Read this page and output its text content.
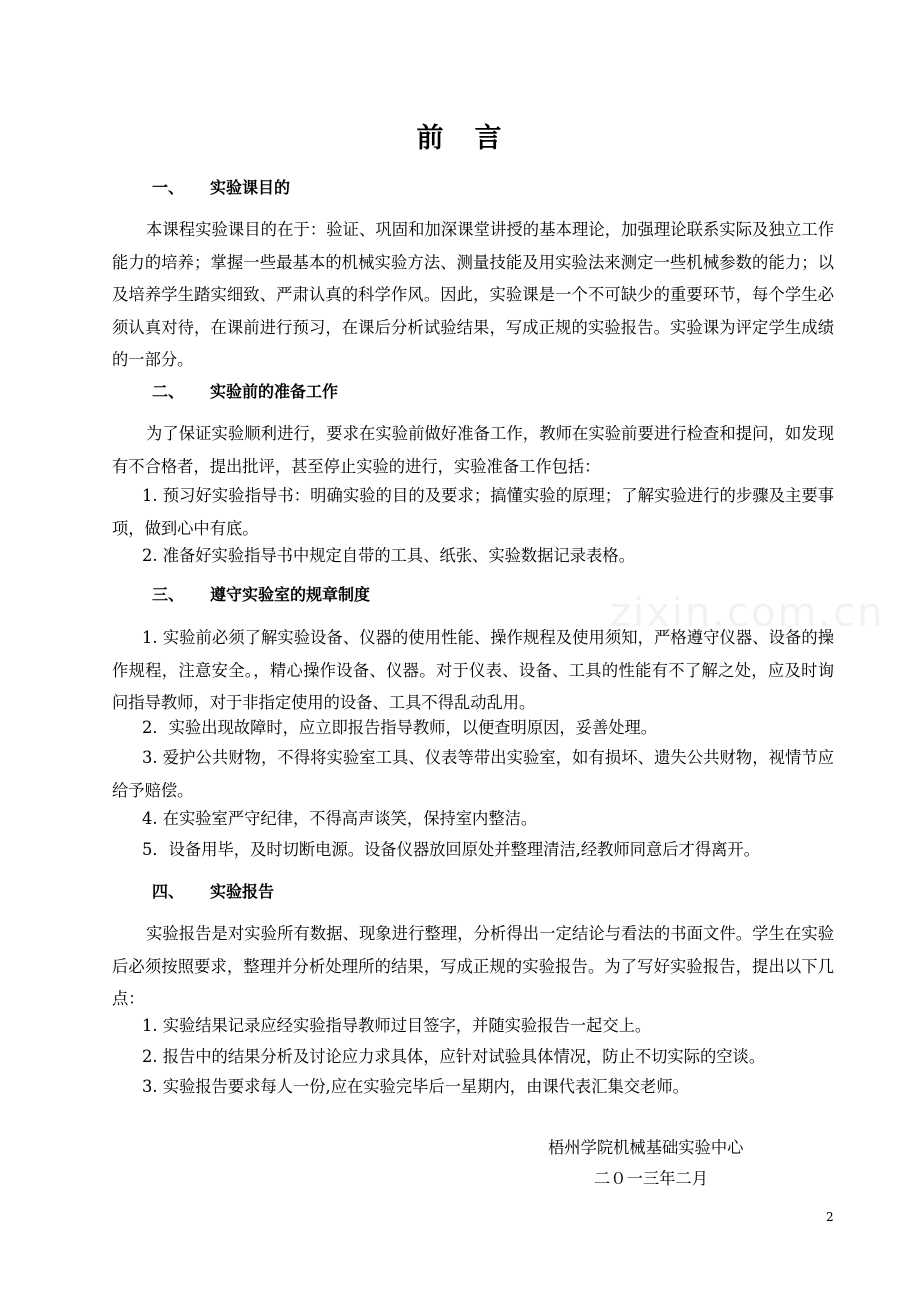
zixin.com.cn
前　言
一、 实验课目的
本课程实验课目的在于：验证、巩固和加深课堂讲授的基本理论，加强理论联系实际及独立工作能力的培养；掌握一些最基本的机械实验方法、测量技能及用实验法来测定一些机械参数的能力；以及培养学生踏实细致、严肃认真的科学作风。因此，实验课是一个不可缺少的重要环节，每个学生必须认真对待，在课前进行预习，在课后分析试验结果，写成正规的实验报告。实验课为评定学生成绩的一部分。
二、 实验前的准备工作
为了保证实验顺利进行，要求在实验前做好准备工作，教师在实验前要进行检查和提问，如发现有不合格者，提出批评，甚至停止实验的进行，实验准备工作包括：
1. 预习好实验指导书：明确实验的目的及要求；搞懂实验的原理；了解实验进行的步骤及主要事项，做到心中有底。
2. 准备好实验指导书中规定自带的工具、纸张、实验数据记录表格。
三、 遵守实验室的规章制度
1. 实验前必须了解实验设备、仪器的使用性能、操作规程及使用须知，严格遵守仪器、设备的操作规程，注意安全。，精心操作设备、仪器。对于仪表、设备、工具的性能有不了解之处，应及时询问指导教师，对于非指定使用的设备、工具不得乱动乱用。
2．实验出现故障时，应立即报告指导教师，以便查明原因，妥善处理。
3. 爱护公共财物，不得将实验室工具、仪表等带出实验室，如有损坏、遗失公共财物，视情节应给予赔偿。
4. 在实验室严守纪律，不得高声谈笑，保持室内整洁。
5．设备用毕，及时切断电源。设备仪器放回原处并整理清洁,经教师同意后才得离开。
四、 实验报告
实验报告是对实验所有数据、现象进行整理，分析得出一定结论与看法的书面文件。学生在实验后必须按照要求，整理并分析处理所的结果，写成正规的实验报告。为了写好实验报告，提出以下几点：
1. 实验结果记录应经实验指导教师过目签字，并随实验报告一起交上。
2. 报告中的结果分析及讨论应力求具体，应针对试验具体情况，防止不切实际的空谈。
3. 实验报告要求每人一份,应在实验完毕后一星期内，由课代表汇集交老师。
梧州学院机械基础实验中心
二０一三年二月
2
